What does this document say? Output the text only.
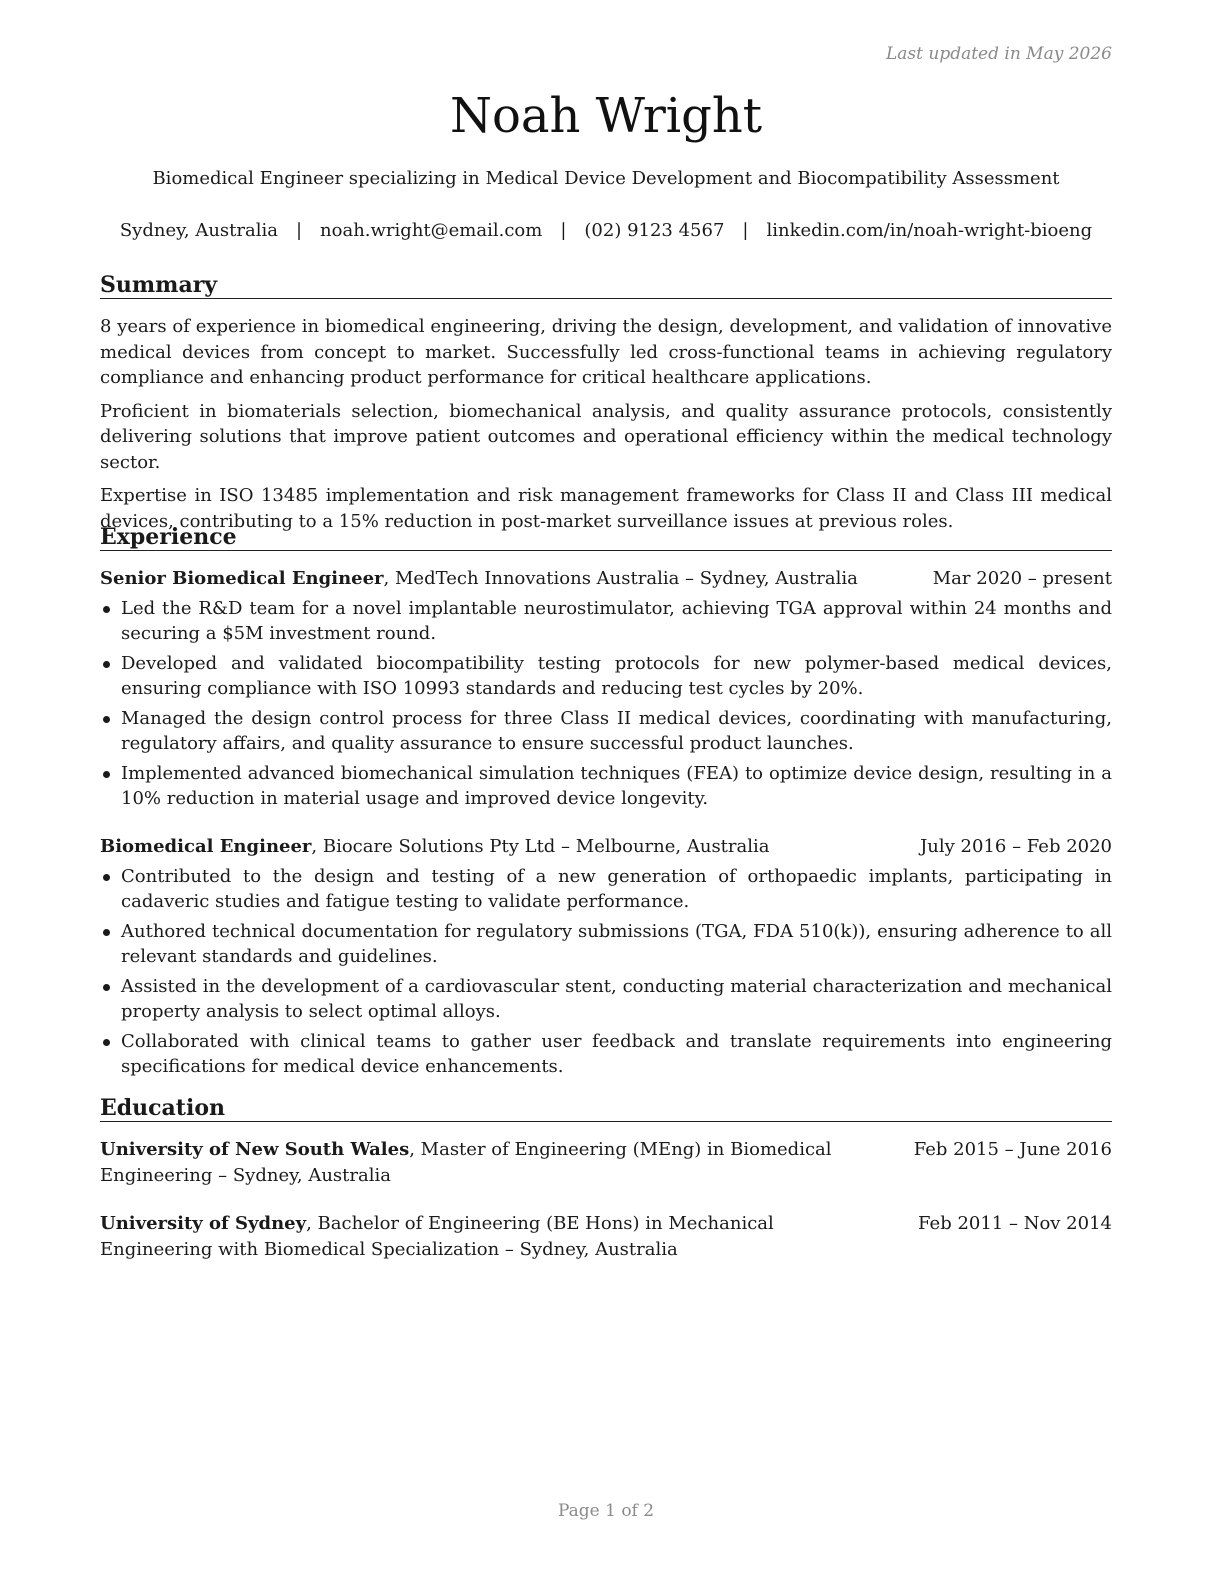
Last updated in May 2026
Noah Wright
Biomedical Engineer specializing in Medical Device Development and Biocompatibility Assessment
Sydney, Australia | noah.wright@email.com | (02) 9123 4567 | linkedin.com/in/noah-wright-bioeng
Summary

8 years of experience in biomedical engineering, driving the design, development, and validation of innovative medical devices from concept to market. Successfully led cross-functional teams in achieving regulatory compliance and enhancing product performance for critical healthcare applications.

Proficient in biomaterials selection, biomechanical analysis, and quality assurance protocols, consistently delivering solutions that improve patient outcomes and operational efficiency within the medical technology sector.

Expertise in ISO 13485 implementation and risk management frameworks for Class II and Class III medical devices, contributing to a 15% reduction in post-market surveillance issues at previous roles.

Experience
Senior Biomedical Engineer, MedTech Innovations Australia – Sydney, Australia	Mar 2020 – present
Led the R&D team for a novel implantable neurostimulator, achieving TGA approval within 24 months and securing a $5M investment round.
Developed and validated biocompatibility testing protocols for new polymer-based medical devices, ensuring compliance with ISO 10993 standards and reducing test cycles by 20%.
Managed the design control process for three Class II medical devices, coordinating with manufacturing, regulatory affairs, and quality assurance to ensure successful product launches.
Implemented advanced biomechanical simulation techniques (FEA) to optimize device design, resulting in a 10% reduction in material usage and improved device longevity.
Biomedical Engineer, Biocare Solutions Pty Ltd – Melbourne, Australia	July 2016 – Feb 2020
Contributed to the design and testing of a new generation of orthopaedic implants, participating in cadaveric studies and fatigue testing to validate performance.
Authored technical documentation for regulatory submissions (TGA, FDA 510(k)), ensuring adherence to all relevant standards and guidelines.
Assisted in the development of a cardiovascular stent, conducting material characterization and mechanical property analysis to select optimal alloys.
Collaborated with clinical teams to gather user feedback and translate requirements into engineering specifications for medical device enhancements.
Education
University of New South Wales, Master of Engineering (MEng) in Biomedical Engineering – Sydney, Australia
Feb 2015 – June 2016
University of Sydney, Bachelor of Engineering (BE Hons) in Mechanical Engineering with Biomedical Specialization – Sydney, Australia
Feb 2011 – Nov 2014
Page 1 of 2
